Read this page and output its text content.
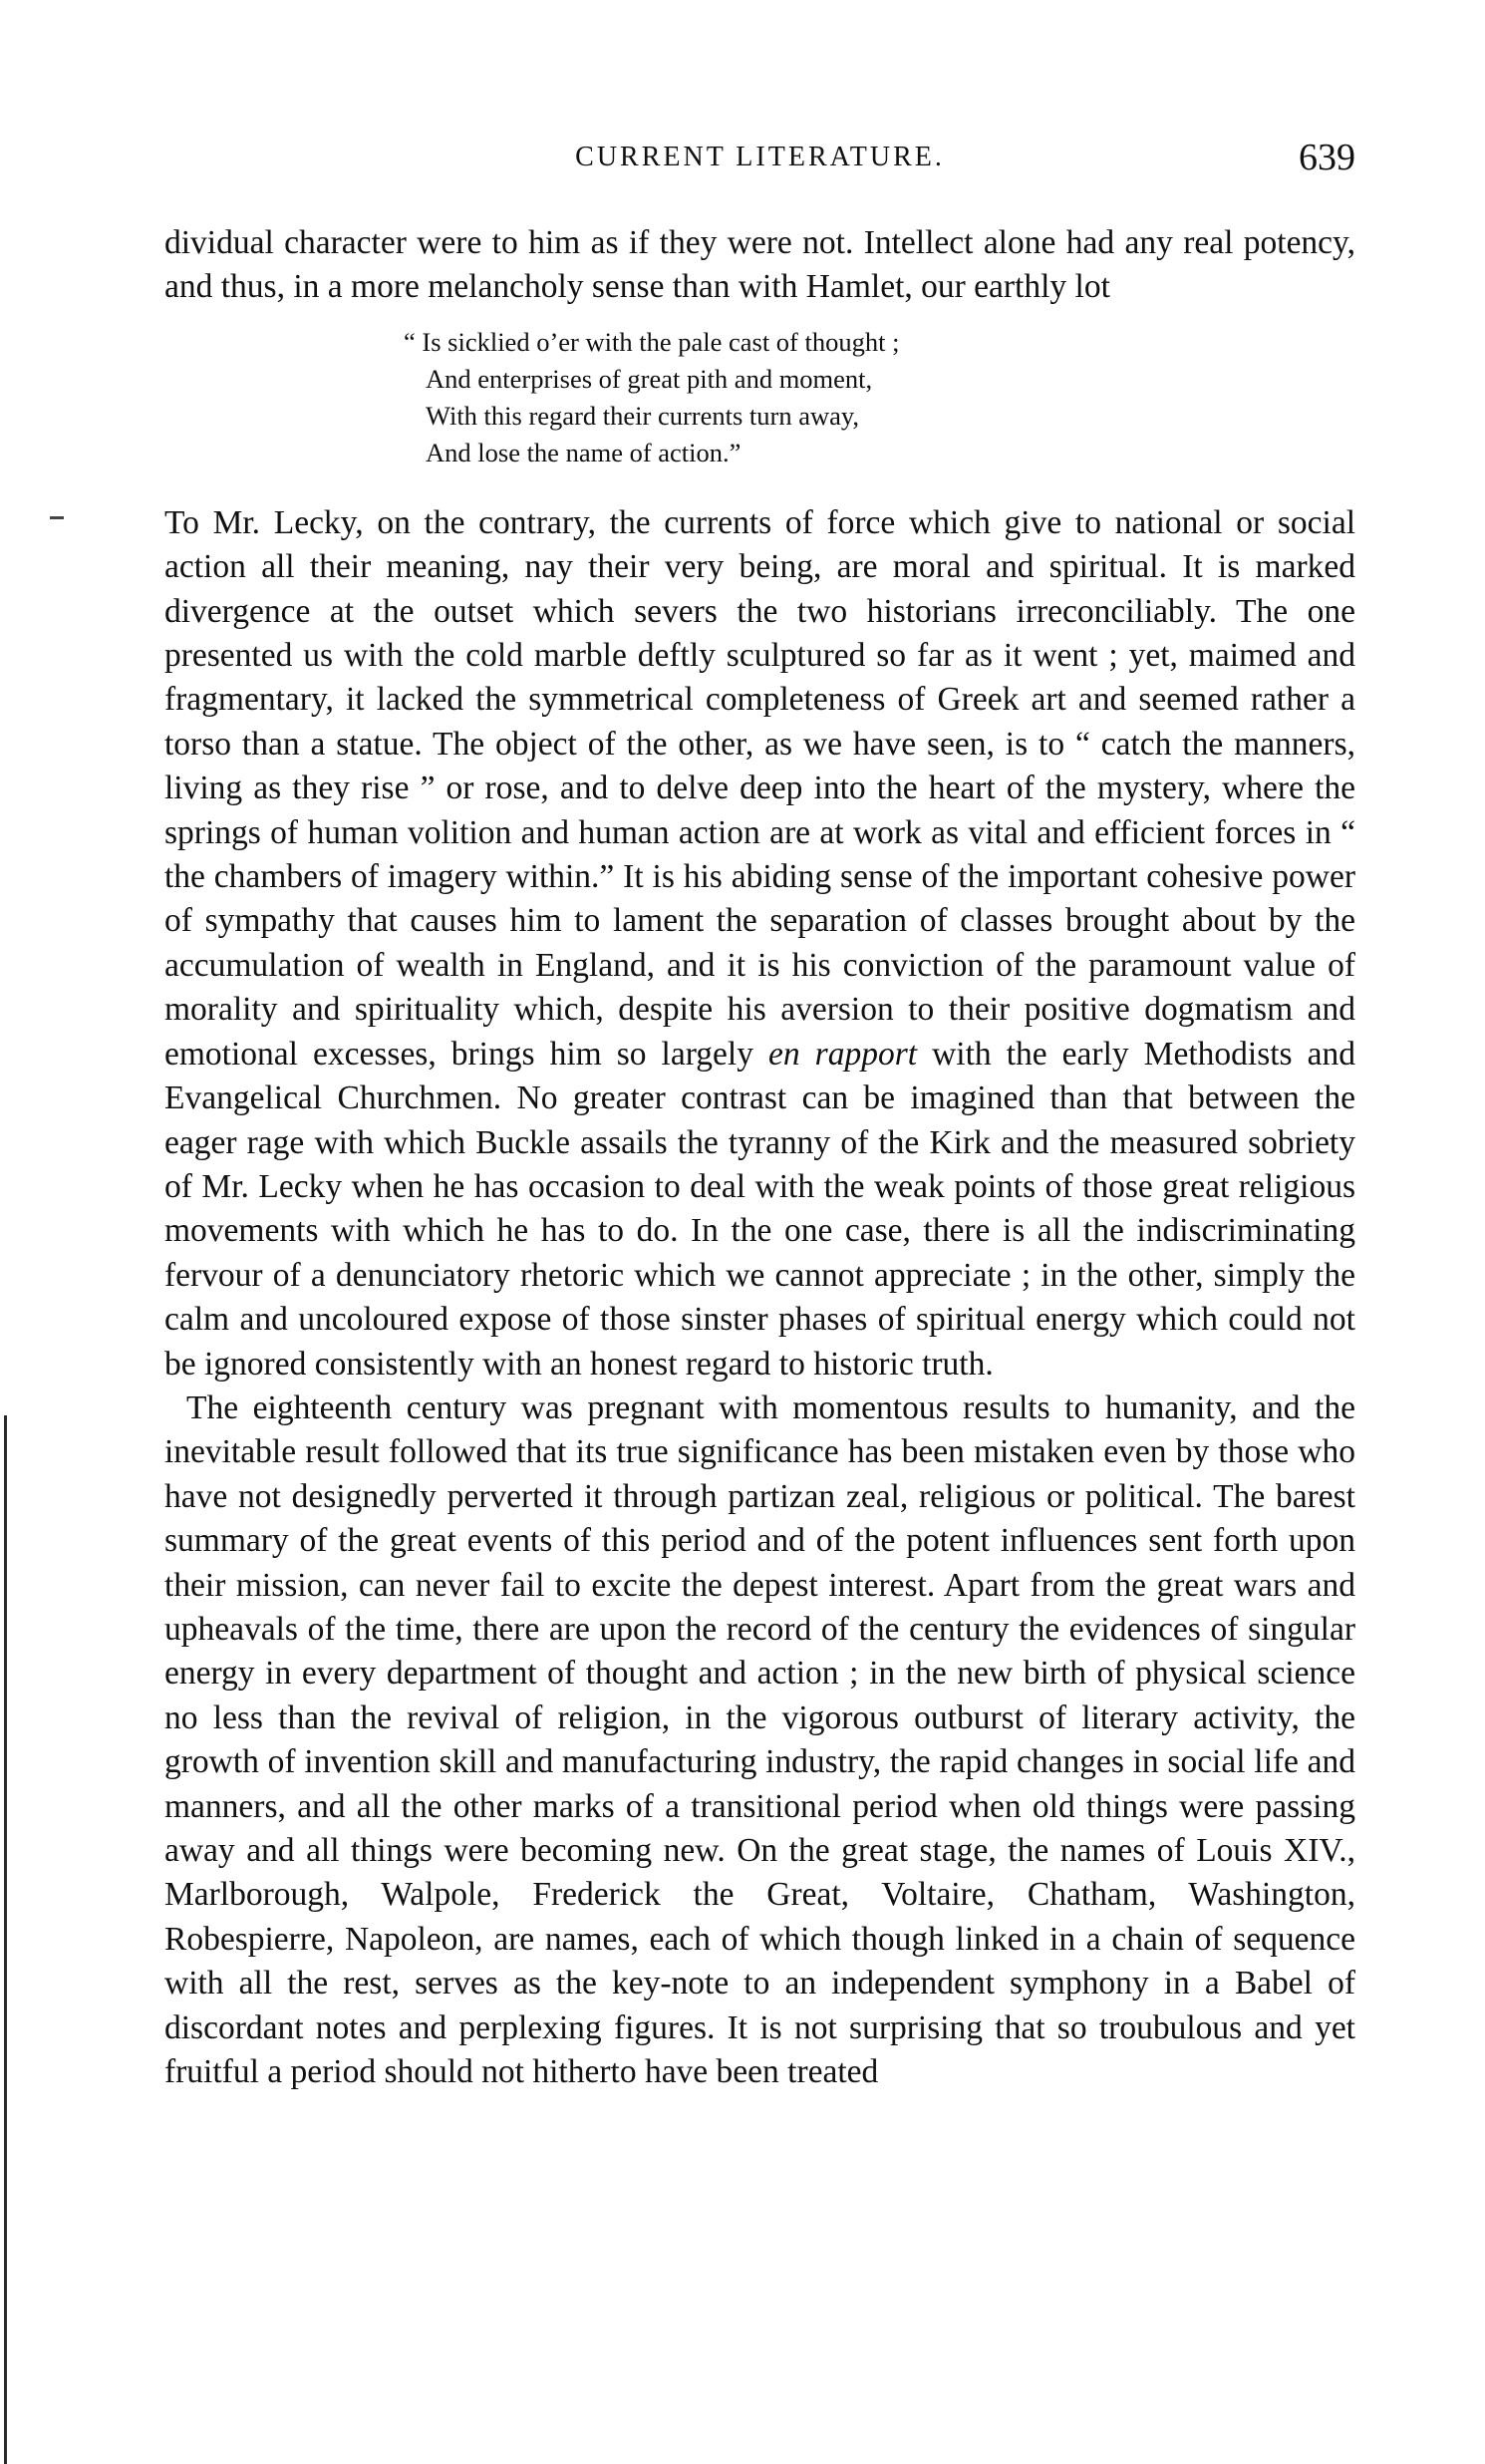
CURRENT LITERATURE.	639

dividual character were to him as if they were not. Intellect alone had any real potency, and thus, in a more melancholy sense than with Hamlet, our earthly lot

“ Is sicklied o’er with the pale cast of thought ;
And enterprises of great pith and moment,
With this regard their currents turn away,
And lose the name of action.”

To Mr. Lecky, on the contrary, the currents of force which give to national or social action all their meaning, nay their very being, are moral and spiritual. It is marked divergence at the outset which severs the two historians irreconciliably. The one presented us with the cold marble deftly sculptured so far as it went ; yet, maimed and fragmentary, it lacked the symmetrical completeness of Greek art and seemed rather a torso than a statue. The object of the other, as we have seen, is to “ catch the manners, living as they rise ” or rose, and to delve deep into the heart of the mystery, where the springs of human volition and human action are at work as vital and efficient forces in “ the chambers of imagery within.” It is his abiding sense of the important cohesive power of sympathy that causes him to lament the separation of classes brought about by the accumulation of wealth in England, and it is his conviction of the paramount value of morality and spirituality which, despite his aversion to their positive dogmatism and emotional excesses, brings him so largely en rapport with the early Methodists and Evangelical Churchmen. No greater contrast can be imagined than that between the eager rage with which Buckle assails the tyranny of the Kirk and the measured sobriety of Mr. Lecky when he has occasion to deal with the weak points of those great religious movements with which he has to do. In the one case, there is all the indiscriminating fervour of a denunciatory rhetoric which we cannot appreciate ; in the other, simply the calm and uncoloured expose of those sinster phases of spiritual energy which could not be ignored consistently with an honest regard to historic truth.

The eighteenth century was pregnant with momentous results to humanity, and the inevitable result followed that its true significance has been mistaken even by those who have not designedly perverted it through partizan zeal, religious or political. The barest summary of the great events of this period and of the potent influences sent forth upon their mission, can never fail to excite the depest interest. Apart from the great wars and upheavals of the time, there are upon the record of the century the evidences of singular energy in every department of thought and action ; in the new birth of physical science no less than the revival of religion, in the vigorous outburst of literary activity, the growth of invention skill and manufacturing industry, the rapid changes in social life and manners, and all the other marks of a transitional period when old things were passing away and all things were becoming new. On the great stage, the names of Louis XIV., Marlborough, Walpole, Frederick the Great, Voltaire, Chatham, Washington, Robespierre, Napoleon, are names, each of which though linked in a chain of sequence with all the rest, serves as the key-note to an independent symphony in a Babel of discordant notes and perplexing figures. It is not surprising that so troubulous and yet fruitful a period should not hitherto have been treated
